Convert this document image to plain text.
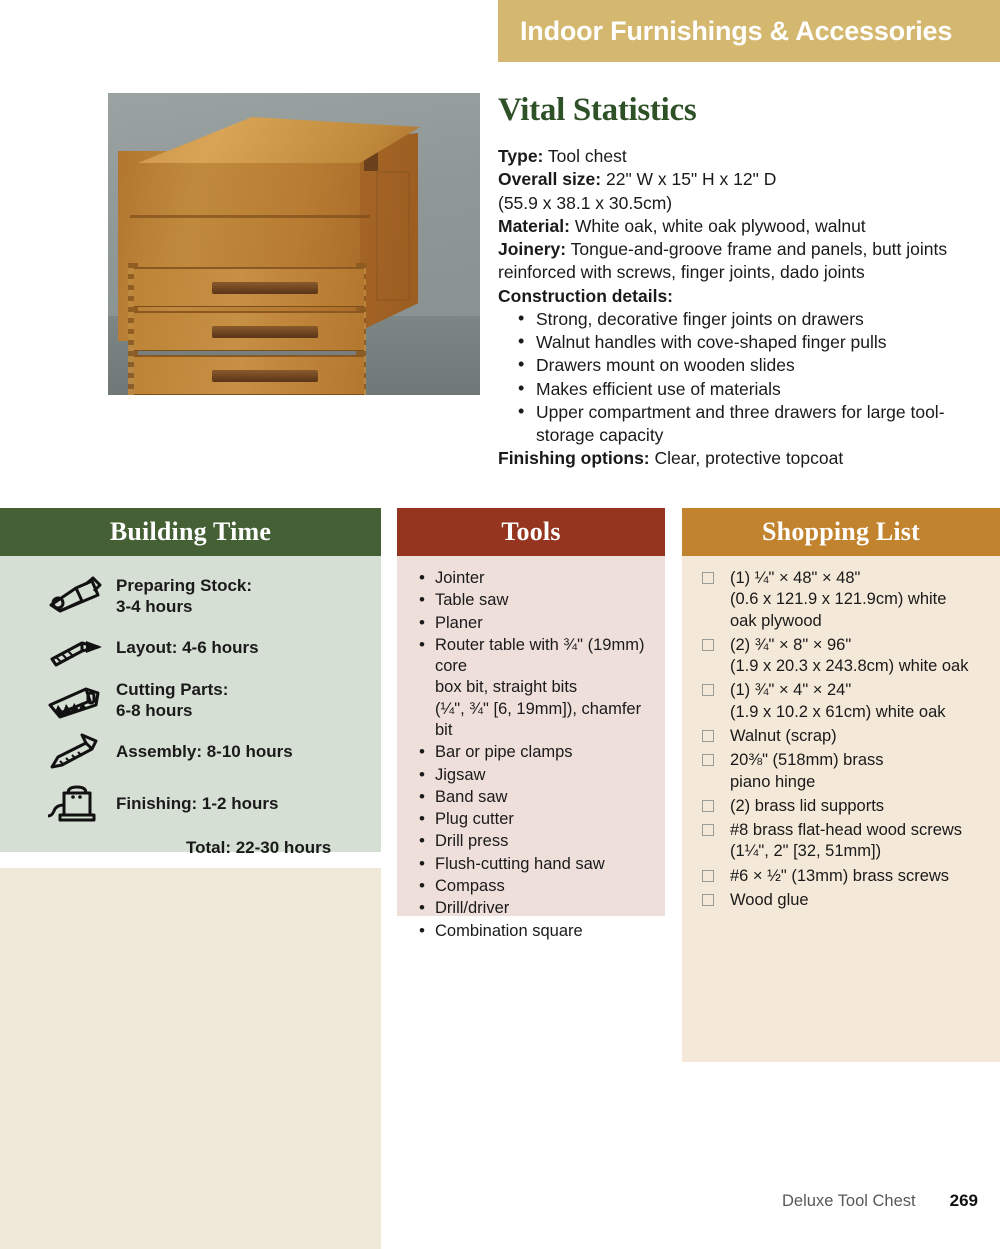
Indoor Furnishings & Accessories
Vital Statistics

Type: Tool chest

Overall size: 22" W x 15" H x 12" D

(55.9 x 38.1 x 30.5cm)

Material: White oak, white oak plywood, walnut

Joinery: Tongue-and-groove frame and panels, butt joints reinforced with screws, finger joints, dado joints

Construction details:

• Strong, decorative finger joints on drawers
• Walnut handles with cove-shaped finger pulls
• Drawers mount on wooden slides
• Makes efficient use of materials
• Upper compartment and three drawers for large tool-storage capacity

Finishing options: Clear, protective topcoat

Building Time
Preparing Stock:
3-4 hours
Layout: 4-6 hours
Cutting Parts:
6-8 hours
Assembly: 8-10 hours
Finishing: 1-2 hours
Total: 22-30 hours
Tools
• Jointer
• Table saw
• Planer
• Router table with ¾" (19mm) core
box bit, straight bits
(¼", ¾" [6, 19mm]), chamfer bit
• Bar or pipe clamps
• Jigsaw
• Band saw
• Plug cutter
• Drill press
• Flush-cutting hand saw
• Compass
• Drill/driver
• Combination square
Shopping List
(1) ¼" × 48" × 48"
(0.6 x 121.9 x 121.9cm) white
oak plywood
(2) ¾" × 8" × 96"
(1.9 x 20.3 x 243.8cm) white oak
(1) ¾" × 4" × 24"
(1.9 x 10.2 x 61cm) white oak
Walnut (scrap)
20⅜" (518mm) brass
piano hinge
(2) brass lid supports
#8 brass flat-head wood screws
(1¼", 2" [32, 51mm])
#6 × ½" (13mm) brass screws
Wood glue
Deluxe Tool Chest 269
